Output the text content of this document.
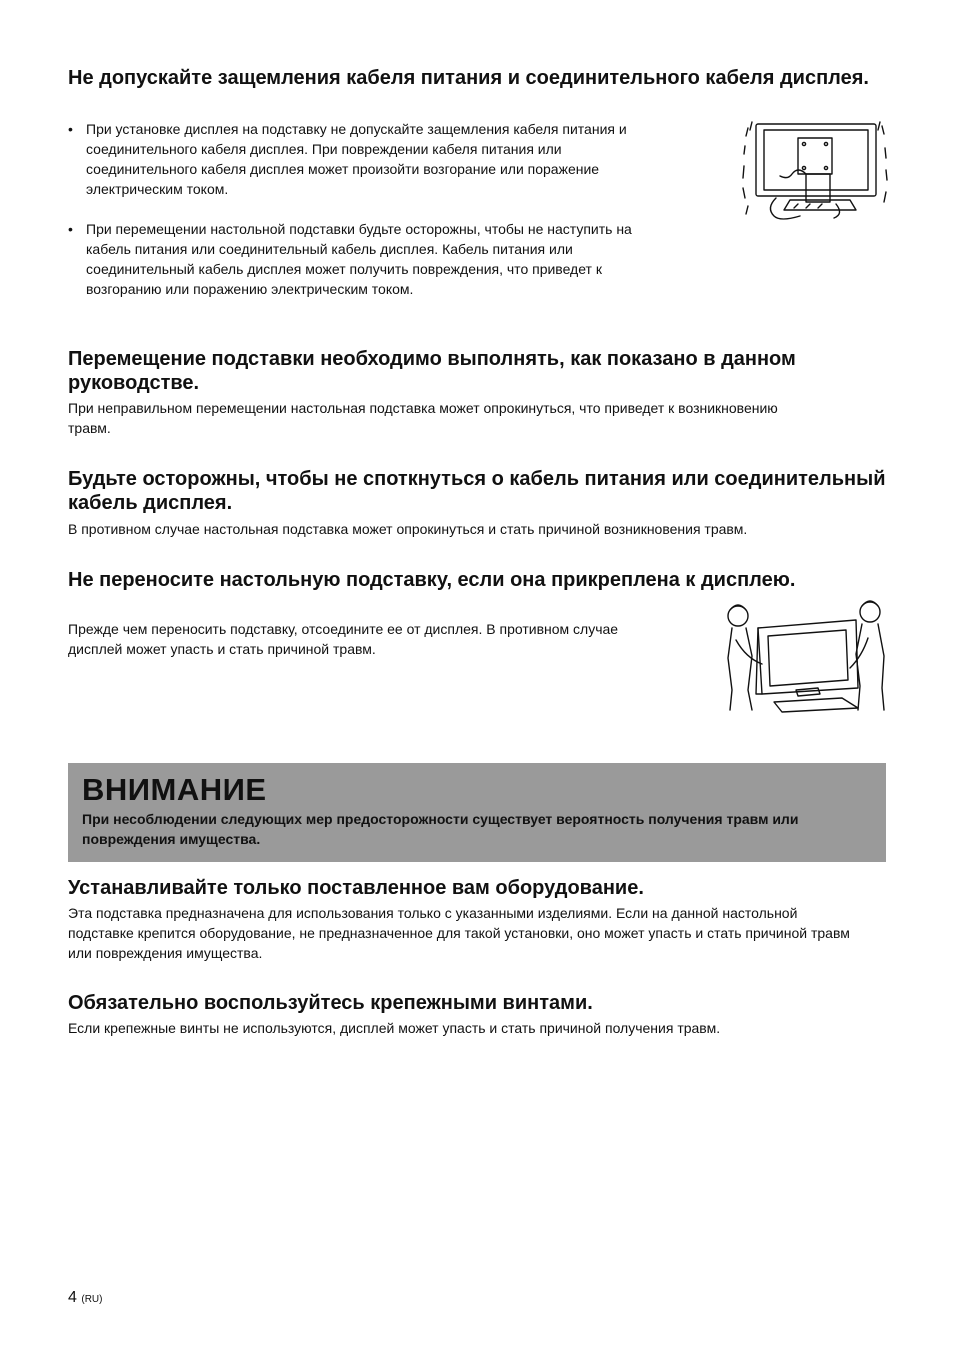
Не допускайте защемления кабеля питания и соединительного кабеля дисплея.
• При установке дисплея на подставку не допускайте защемления кабеля питания и соединительного кабеля дисплея. При повреждении кабеля питания или соединительного кабеля дисплея может произойти возгорание или поражение электрическим током.

• При перемещении настольной подставки будьте осторожны, чтобы не наступить на кабель питания или соединительный кабель дисплея. Кабель питания или соединительный кабель дисплея может получить повреждения, что приведет к возгоранию или поражению электрическим током.

Перемещение подставки необходимо выполнять, как показано в данном руководстве.

При неправильном перемещении настольная подставка может опрокинуться, что приведет к возникновению травм.

Будьте осторожны, чтобы не споткнуться о кабель питания или соединительный кабель дисплея.

В противном случае настольная подставка может опрокинуться и стать причиной возникновения травм.

Не переносите настольную подставку, если она прикреплена к дисплею.

Прежде чем переносить подставку, отсоедините ее от дисплея. В противном случае дисплей может упасть и стать причиной травм.

ВНИМАНИЕ

При несоблюдении следующих мер предосторожности существует вероятность получения травм или повреждения имущества.

Устанавливайте только поставленное вам оборудование.

Эта подставка предназначена для использования только с указанными изделиями. Если на данной настольной подставке крепится оборудование, не предназначенное для такой установки, оно может упасть и стать причиной травм или повреждения имущества.

Обязательно воспользуйтесь крепежными винтами.

Если крепежные винты не используются, дисплей может упасть и стать причиной получения травм.

4 (RU)
